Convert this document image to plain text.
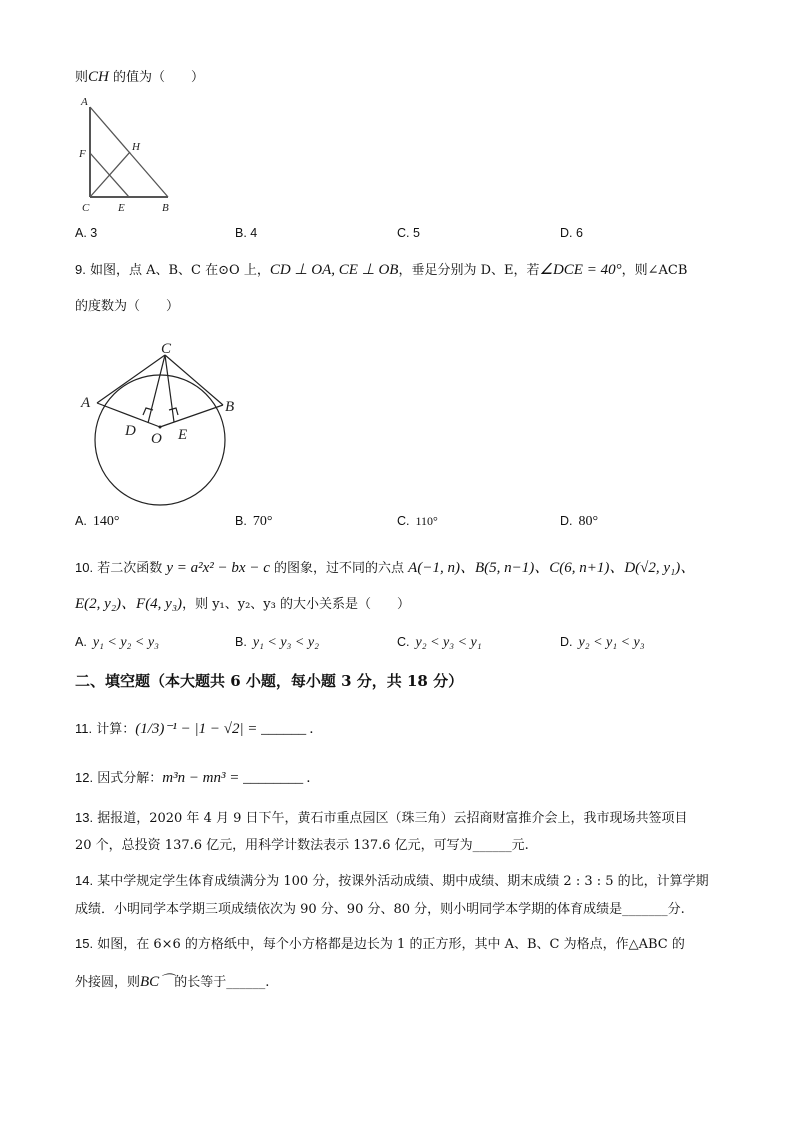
则CH 的值为（　　）
A
F
H
C	E	B
A. 3	B. 4	C. 5	D. 6
9. 如图，点 A、B、C 在⊙O 上，CD ⊥ OA, CE ⊥ OB，垂足分别为 D、E，若∠DCE = 40°，则∠ACB
的度数为（　　）
C
A	B
D O E
A. 140°	B. 70°	C. 110°	D. 80°
10. 若二次函数 y = a²x² − bx − c 的图象，过不同的六点 A(−1, n)、B(5, n−1)、C(6, n+1)、D(√2, y₁)、
E(2, y₂)、F(4, y₃)，则 y₁、y₂、y₃ 的大小关系是（　　）
A. y₁ < y₂ < y₃	B. y₁ < y₃ < y₂	C. y₂ < y₃ < y₁	D. y₂ < y₁ < y₃
二、填空题（本大题共 6 小题，每小题 3 分，共 18 分）
11. 计算：(1/3)⁻¹ − |1 − √2| = ______ .
12. 因式分解：m³n − mn³ = ________ .
13. 据报道，2020 年 4 月 9 日下午，黄石市重点园区（珠三角）云招商财富推介会上，我市现场共签项目
20 个，总投资 137.6 亿元，用科学计数法表示 137.6 亿元，可写为______元.
14. 某中学规定学生体育成绩满分为 100 分，按课外活动成绩、期中成绩、期末成绩 2 : 3 : 5 的比，计算学期
成绩．小明同学本学期三项成绩依次为 90 分、90 分、80 分，则小明同学本学期的体育成绩是_______分.
15. 如图，在 6×6 的方格纸中，每个小方格都是边长为 1 的正方形，其中 A、B、C 为格点，作△ABC 的
外接圆，则BC⌒的长等于______.
